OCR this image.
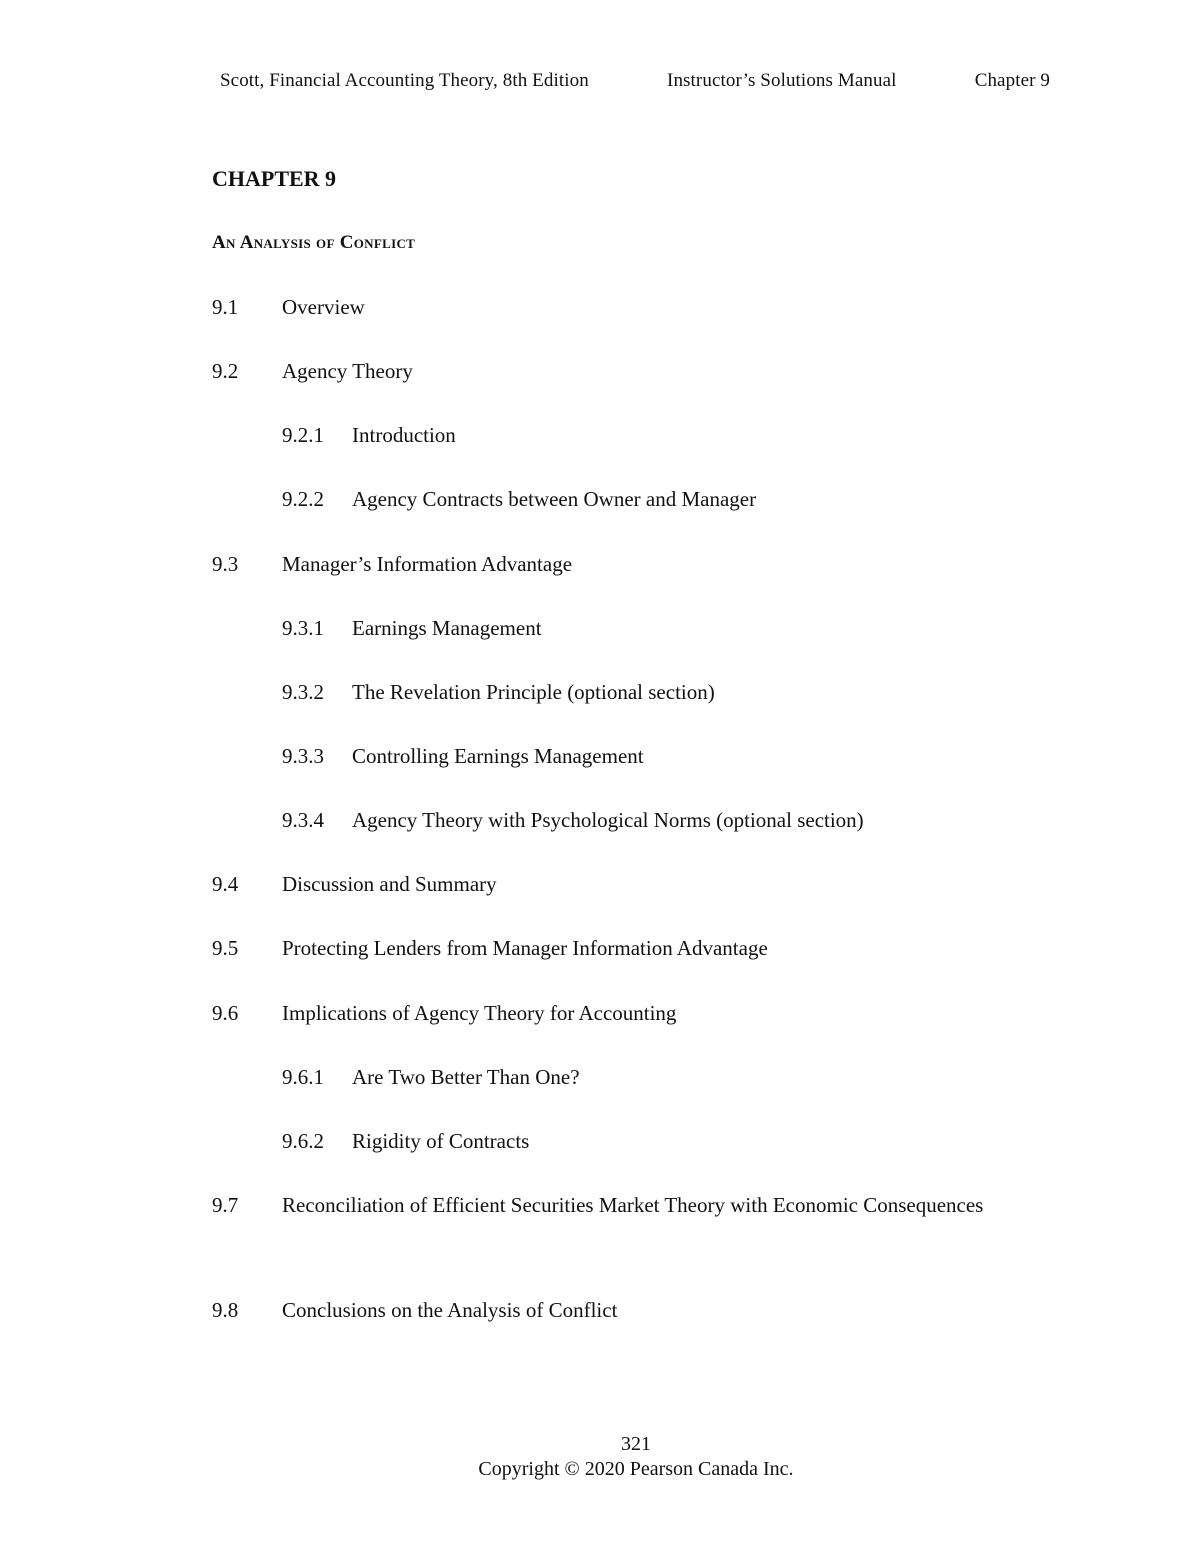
Scott, Financial Accounting Theory, 8th Edition	Instructor’s Solutions Manual	Chapter 9
CHAPTER 9
An Analysis of Conflict
9.1	Overview
9.2	Agency Theory
9.2.1	Introduction
9.2.2	Agency Contracts between Owner and Manager
9.3	Manager’s Information Advantage
9.3.1	Earnings Management
9.3.2	The Revelation Principle (optional section)
9.3.3	Controlling Earnings Management
9.3.4	Agency Theory with Psychological Norms (optional section)
9.4	Discussion and Summary
9.5	Protecting Lenders from Manager Information Advantage
9.6	Implications of Agency Theory for Accounting
9.6.1	Are Two Better Than One?
9.6.2	Rigidity of Contracts
9.7	Reconciliation of Efficient Securities Market Theory with Economic Consequences
9.8	Conclusions on the Analysis of Conflict
321
Copyright © 2020 Pearson Canada Inc.
